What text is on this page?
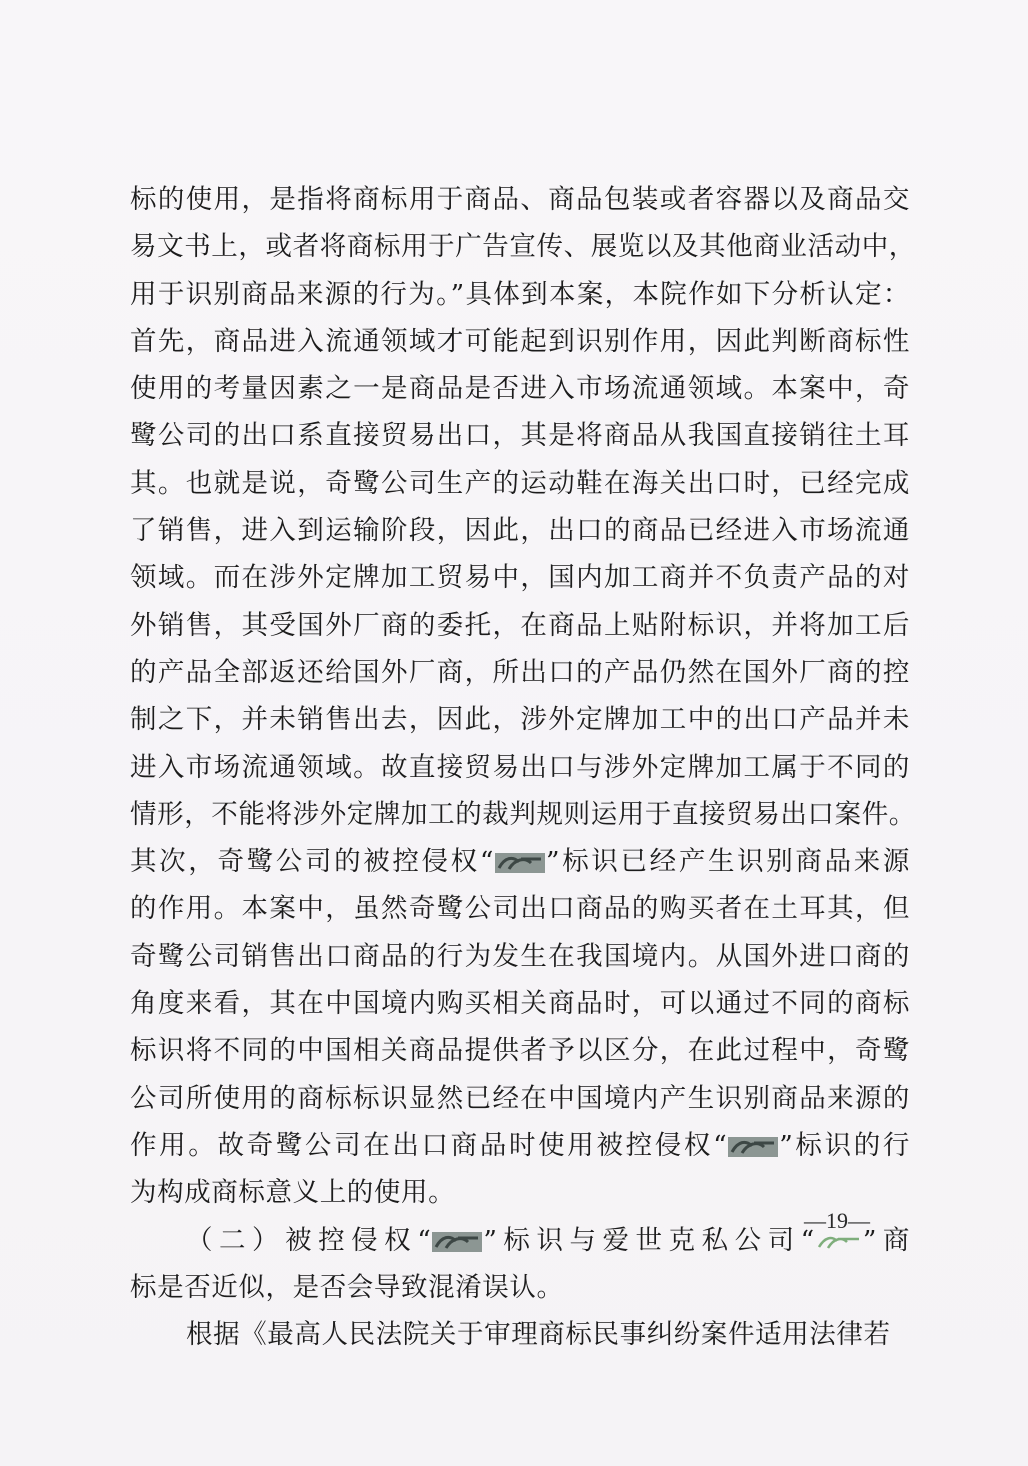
标的使用，是指将商标用于商品、商品包装或者容器以及商品交
易文书上，或者将商标用于广告宣传、展览以及其他商业活动中，
用于识别商品来源的行为。”具体到本案，本院作如下分析认定：
首先，商品进入流通领域才可能起到识别作用，因此判断商标性
使用的考量因素之一是商品是否进入市场流通领域。本案中，奇
鹭公司的出口系直接贸易出口，其是将商品从我国直接销往土耳
其。也就是说，奇鹭公司生产的运动鞋在海关出口时，已经完成
了销售，进入到运输阶段，因此，出口的商品已经进入市场流通
领域。而在涉外定牌加工贸易中，国内加工商并不负责产品的对
外销售，其受国外厂商的委托，在商品上贴附标识，并将加工后
的产品全部返还给国外厂商，所出口的产品仍然在国外厂商的控
制之下，并未销售出去，因此，涉外定牌加工中的出口产品并未
进入市场流通领域。故直接贸易出口与涉外定牌加工属于不同的
情形，不能将涉外定牌加工的裁判规则运用于直接贸易出口案件。
其次，奇鹭公司的被控侵权“ ”标识已经产生识别商品来源
的作用。本案中，虽然奇鹭公司出口商品的购买者在土耳其，但
奇鹭公司销售出口商品的行为发生在我国境内。从国外进口商的
角度来看，其在中国境内购买相关商品时，可以通过不同的商标
标识将不同的中国相关商品提供者予以区分，在此过程中，奇鹭
公司所使用的商标标识显然已经在中国境内产生识别商品来源的
作用。故奇鹭公司在出口商品时使用被控侵权“ ”标识的行
为构成商标意义上的使用。
（二）被控侵权“ ”标识与爱世克私公司“ ”商
标是否近似，是否会导致混淆误认。
根据《最高人民法院关于审理商标民事纠纷案件适用法律若
—19—
